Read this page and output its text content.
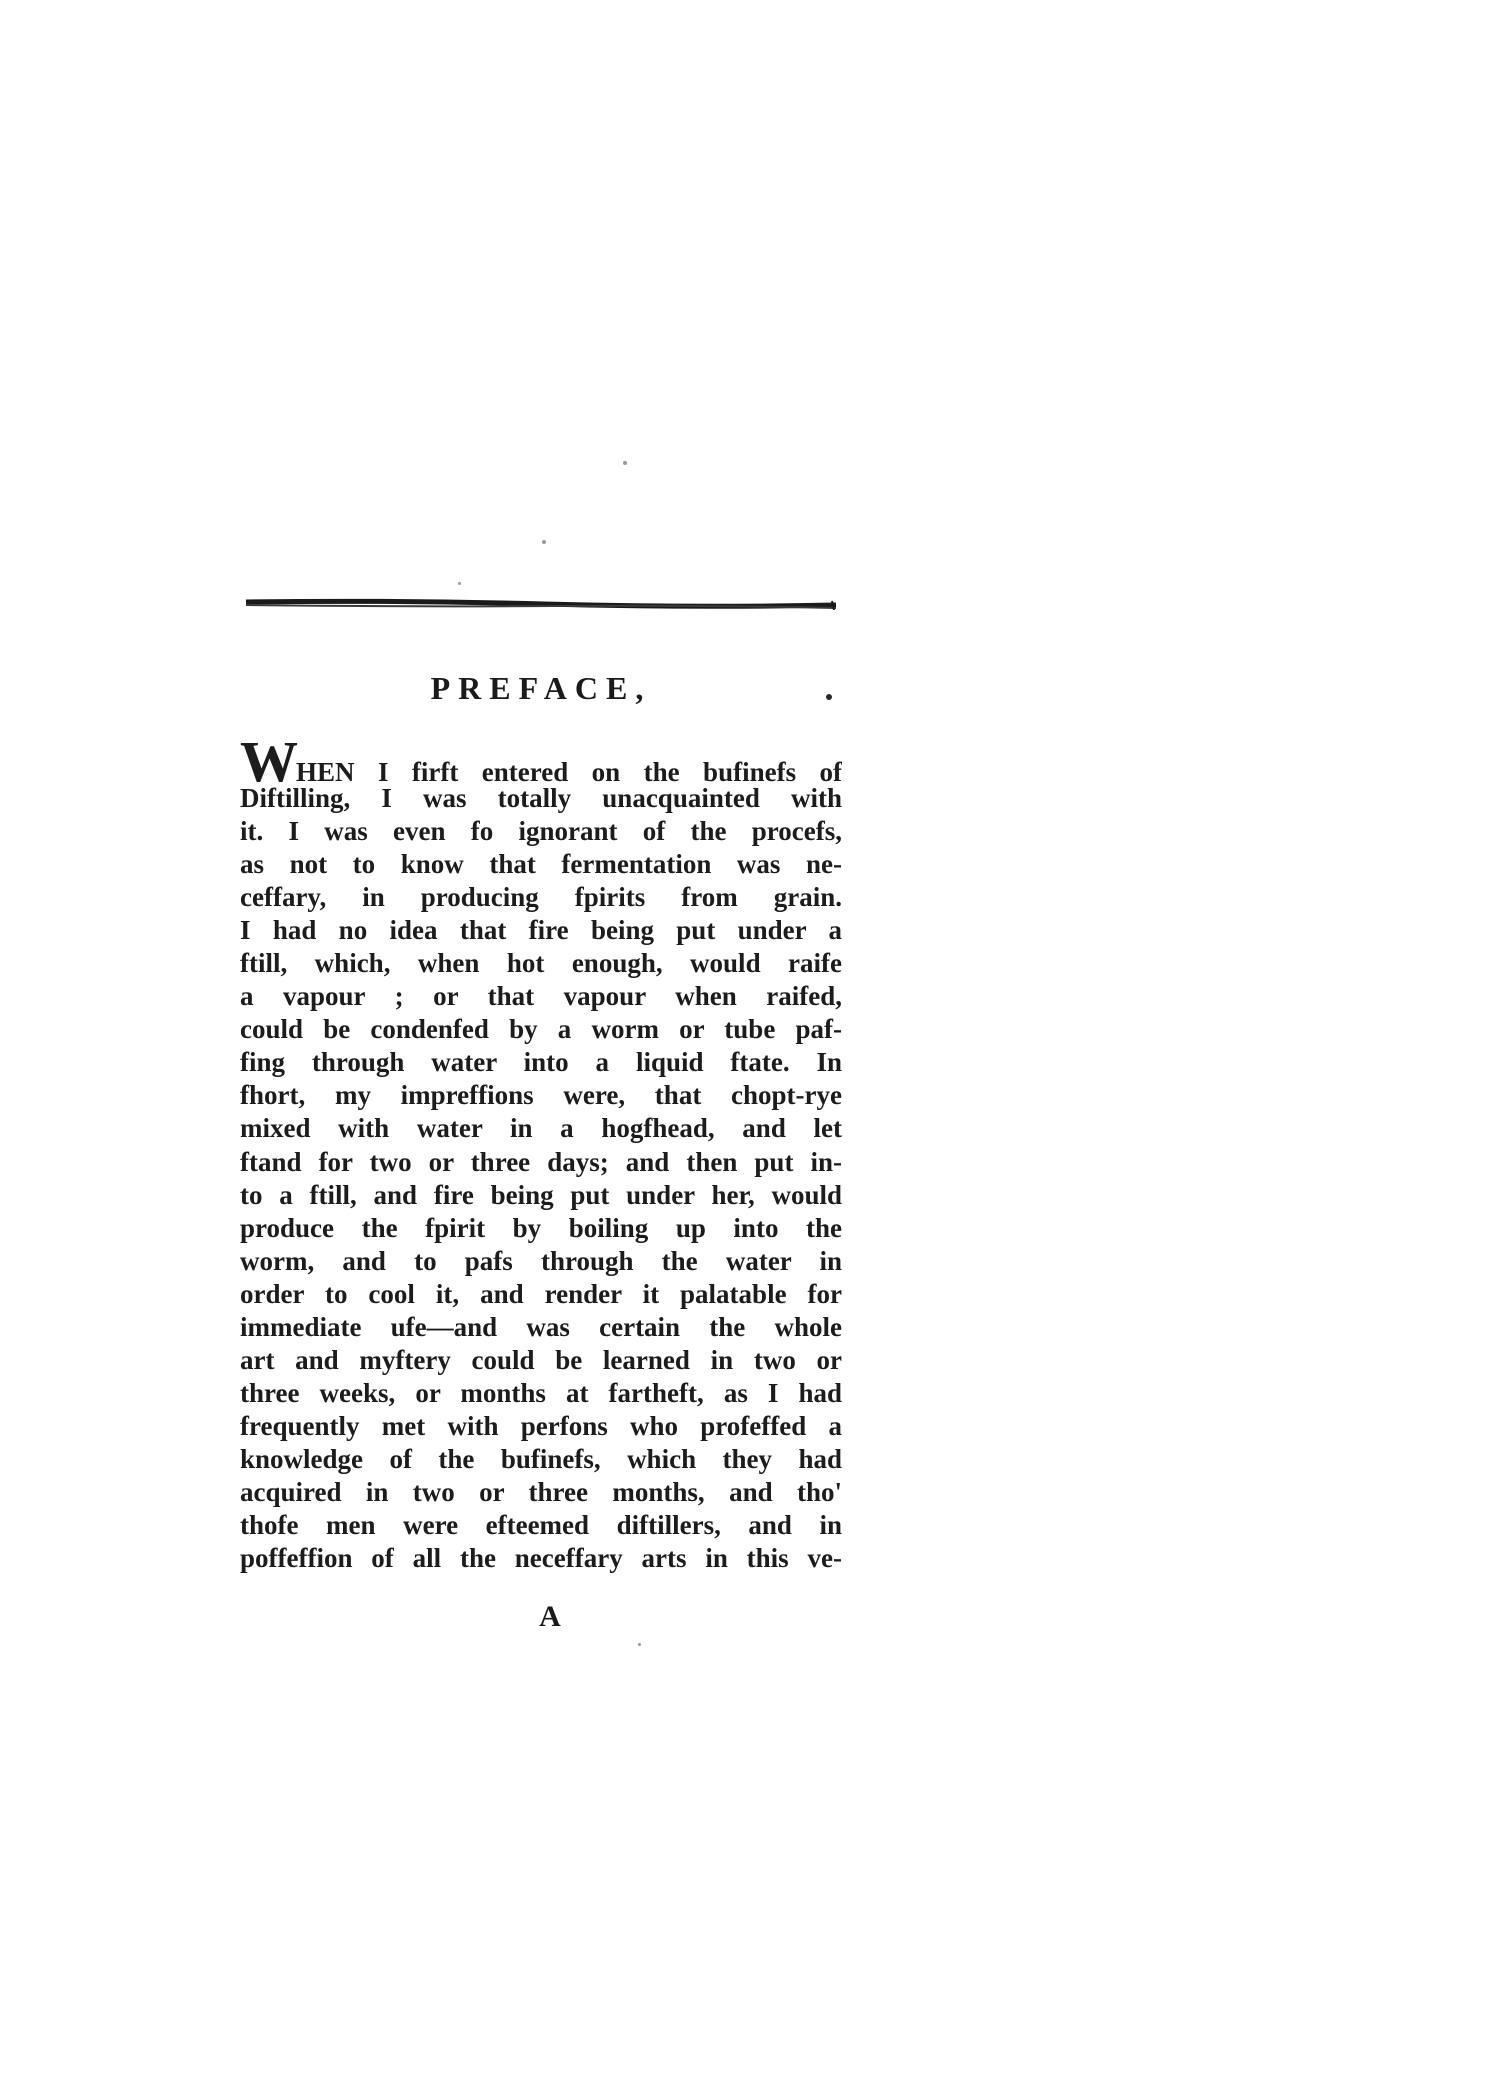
PREFACE,
WHEN I firft entered on the bufinefs of
Diftilling, I was totally unacquainted with
it. I was even fo ignorant of the procefs,
as not to know that fermentation was ne-
ceffary, in producing fpirits from grain.
I had no idea that fire being put under a
ftill, which, when hot enough, would raife
a vapour ; or that vapour when raifed,
could be condenfed by a worm or tube paf-
fing through water into a liquid ftate. In
fhort, my impreffions were, that chopt-rye
mixed with water in a hogfhead, and let
ftand for two or three days; and then put in-
to a ftill, and fire being put under her, would
produce the fpirit by boiling up into the
worm, and to pafs through the water in
order to cool it, and render it palatable for
immediate ufe—and was certain the whole
art and myftery could be learned in two or
three weeks, or months at fartheft, as I had
frequently met with perfons who profeffed a
knowledge of the bufinefs, which they had
acquired in two or three months, and tho'
thofe men were efteemed diftillers, and in
poffeffion of all the neceffary arts in this ve-
A
